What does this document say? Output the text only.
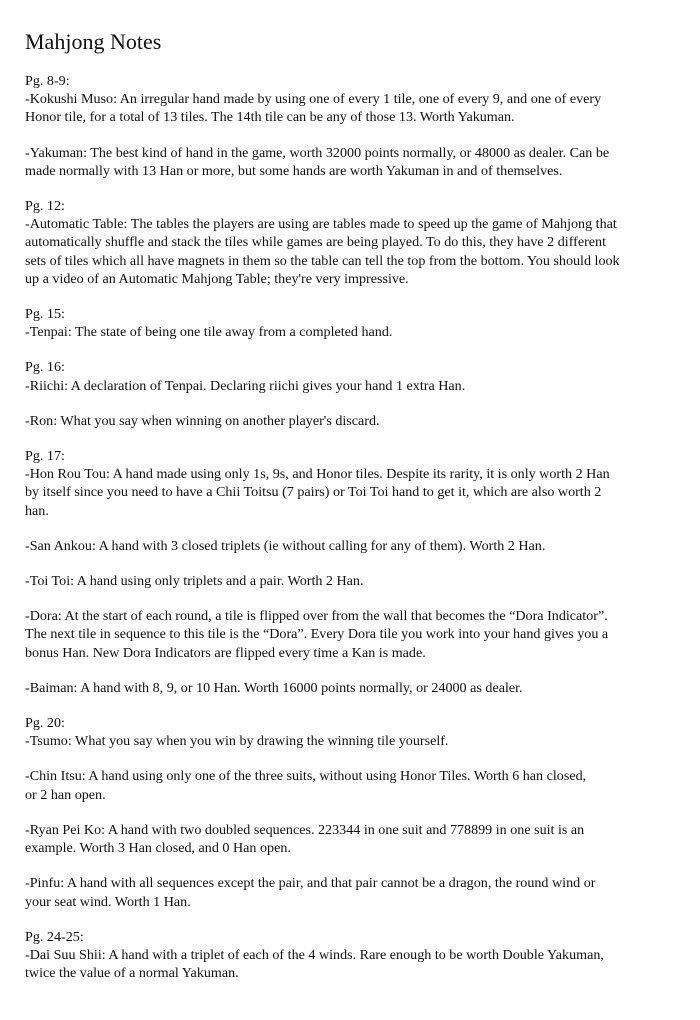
Mahjong Notes

Pg. 8-9:
-Kokushi Muso: An irregular hand made by using one of every 1 tile, one of every 9, and one of every
Honor tile, for a total of 13 tiles. The 14th tile can be any of those 13. Worth Yakuman.

-Yakuman: The best kind of hand in the game, worth 32000 points normally, or 48000 as dealer. Can be
made normally with 13 Han or more, but some hands are worth Yakuman in and of themselves.

Pg. 12:
-Automatic Table: The tables the players are using are tables made to speed up the game of Mahjong that
automatically shuffle and stack the tiles while games are being played. To do this, they have 2 different
sets of tiles which all have magnets in them so the table can tell the top from the bottom. You should look
up a video of an Automatic Mahjong Table; they're very impressive.

Pg. 15:
-Tenpai: The state of being one tile away from a completed hand.

Pg. 16:
-Riichi: A declaration of Tenpai. Declaring riichi gives your hand 1 extra Han.

-Ron: What you say when winning on another player's discard.

Pg. 17:
-Hon Rou Tou: A hand made using only 1s, 9s, and Honor tiles. Despite its rarity, it is only worth 2 Han
by itself since you need to have a Chii Toitsu (7 pairs) or Toi Toi hand to get it, which are also worth 2
han.

-San Ankou: A hand with 3 closed triplets (ie without calling for any of them). Worth 2 Han.

-Toi Toi: A hand using only triplets and a pair. Worth 2 Han.

-Dora: At the start of each round, a tile is flipped over from the wall that becomes the “Dora Indicator”.
The next tile in sequence to this tile is the “Dora”. Every Dora tile you work into your hand gives you a
bonus Han. New Dora Indicators are flipped every time a Kan is made.

-Baiman: A hand with 8, 9, or 10 Han. Worth 16000 points normally, or 24000 as dealer.

Pg. 20:
-Tsumo: What you say when you win by drawing the winning tile yourself.

-Chin Itsu: A hand using only one of the three suits, without using Honor Tiles. Worth 6 han closed,
or 2 han open.

-Ryan Pei Ko: A hand with two doubled sequences. 223344 in one suit and 778899 in one suit is an
example. Worth 3 Han closed, and 0 Han open.

-Pinfu: A hand with all sequences except the pair, and that pair cannot be a dragon, the round wind or
your seat wind. Worth 1 Han.

Pg. 24-25:
-Dai Suu Shii: A hand with a triplet of each of the 4 winds. Rare enough to be worth Double Yakuman,
twice the value of a normal Yakuman.
